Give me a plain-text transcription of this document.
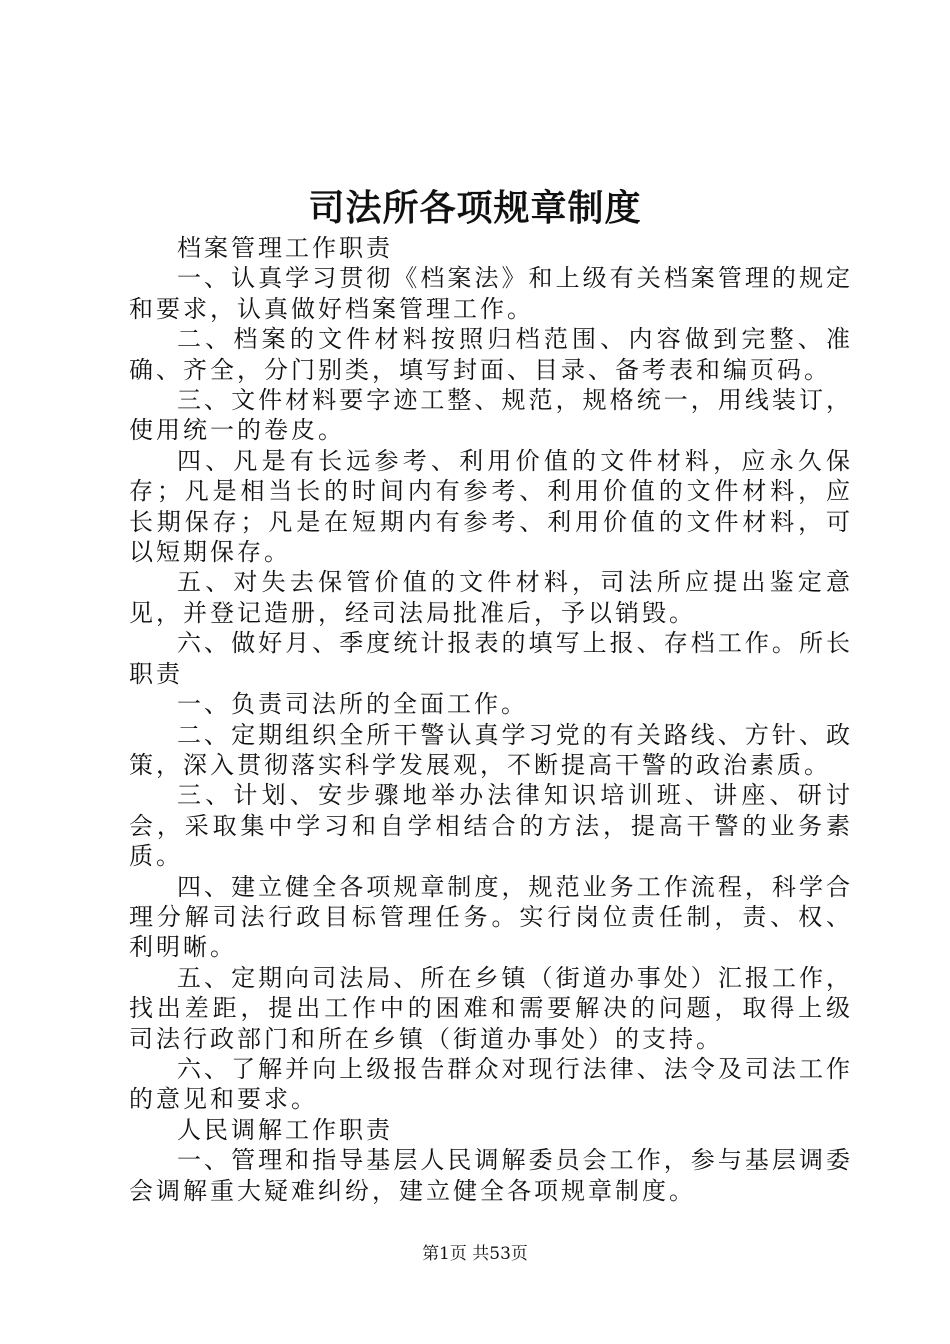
司法所各项规章制度

档案管理工作职责

一、认真学习贯彻《档案法》和上级有关档案管理的规定和要求，认真做好档案管理工作。

二、档案的文件材料按照归档范围、内容做到完整、准确、齐全，分门别类，填写封面、目录、备考表和编页码。

三、文件材料要字迹工整、规范，规格统一，用线装订，使用统一的卷皮。

四、凡是有长远参考、利用价值的文件材料，应永久保存；凡是相当长的时间内有参考、利用价值的文件材料，应长期保存；凡是在短期内有参考、利用价值的文件材料，可以短期保存。

五、对失去保管价值的文件材料，司法所应提出鉴定意见，并登记造册，经司法局批准后，予以销毁。

六、做好月、季度统计报表的填写上报、存档工作。所长职责

一、负责司法所的全面工作。

二、定期组织全所干警认真学习党的有关路线、方针、政策，深入贯彻落实科学发展观，不断提高干警的政治素质。

三、计划、安步骤地举办法律知识培训班、讲座、研讨会，采取集中学习和自学相结合的方法，提高干警的业务素质。

四、建立健全各项规章制度，规范业务工作流程，科学合理分解司法行政目标管理任务。实行岗位责任制，责、权、利明晰。

五、定期向司法局、所在乡镇（街道办事处）汇报工作，找出差距，提出工作中的困难和需要解决的问题，取得上级司法行政部门和所在乡镇（街道办事处）的支持。

六、了解并向上级报告群众对现行法律、法令及司法工作的意见和要求。

人民调解工作职责

一、管理和指导基层人民调解委员会工作，参与基层调委会调解重大疑难纠纷，建立健全各项规章制度。

第1页 共53页
